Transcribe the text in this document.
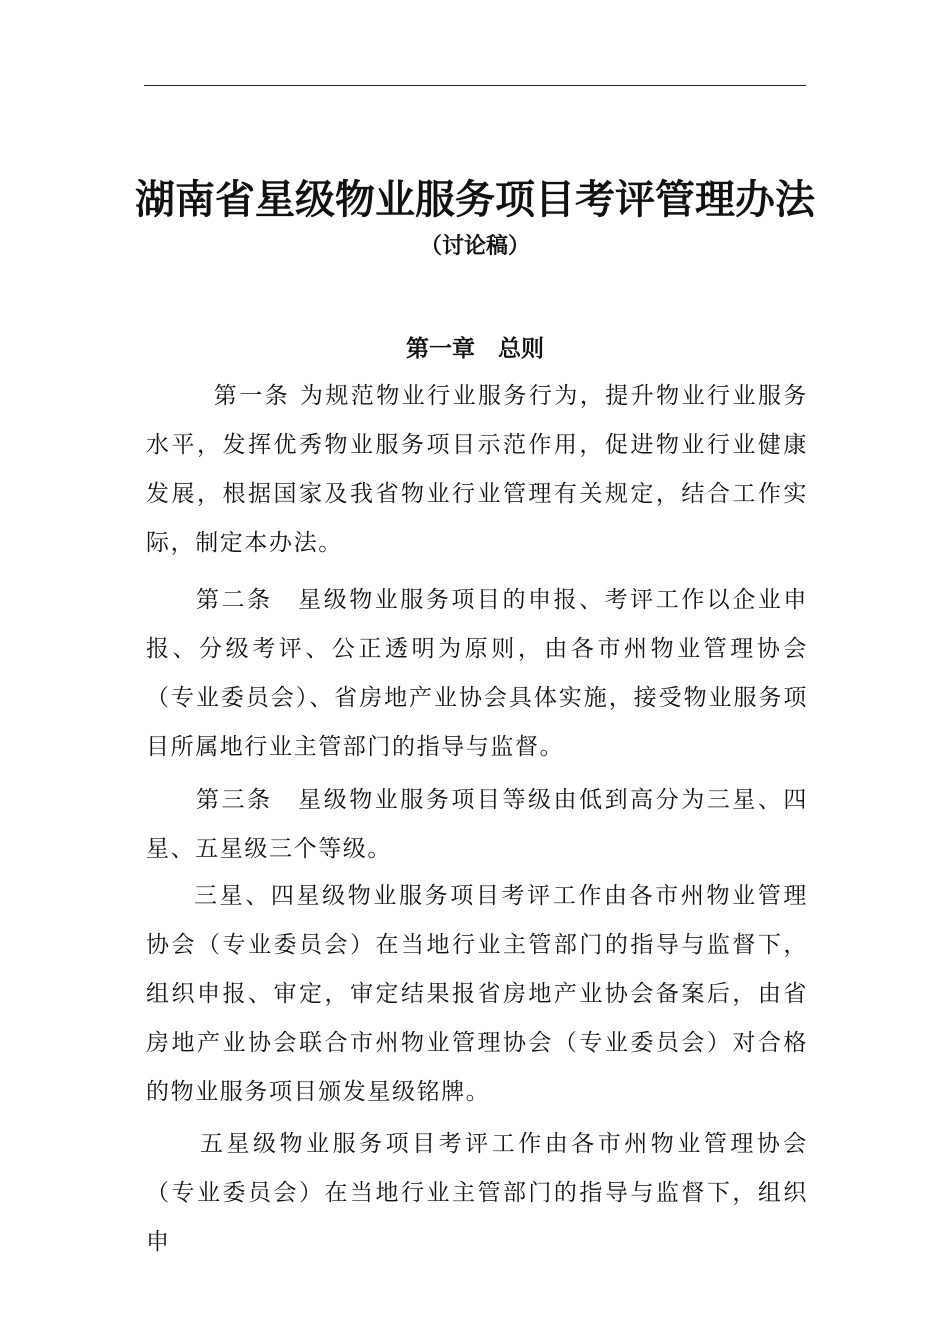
湖南省星级物业服务项目考评管理办法
（讨论稿）
第一章　总则
第一条 为规范物业行业服务行为，提升物业行业服务水平，发挥优秀物业服务项目示范作用，促进物业行业健康发展，根据国家及我省物业行业管理有关规定，结合工作实际，制定本办法。
第二条　星级物业服务项目的申报、考评工作以企业申报、分级考评、公正透明为原则，由各市州物业管理协会（专业委员会）、省房地产业协会具体实施，接受物业服务项目所属地行业主管部门的指导与监督。
第三条　星级物业服务项目等级由低到高分为三星、四星、五星级三个等级。
三星、四星级物业服务项目考评工作由各市州物业管理协会（专业委员会）在当地行业主管部门的指导与监督下，组织申报、审定，审定结果报省房地产业协会备案后，由省房地产业协会联合市州物业管理协会（专业委员会）对合格的物业服务项目颁发星级铭牌。
五星级物业服务项目考评工作由各市州物业管理协会（专业委员会）在当地行业主管部门的指导与监督下，组织申
